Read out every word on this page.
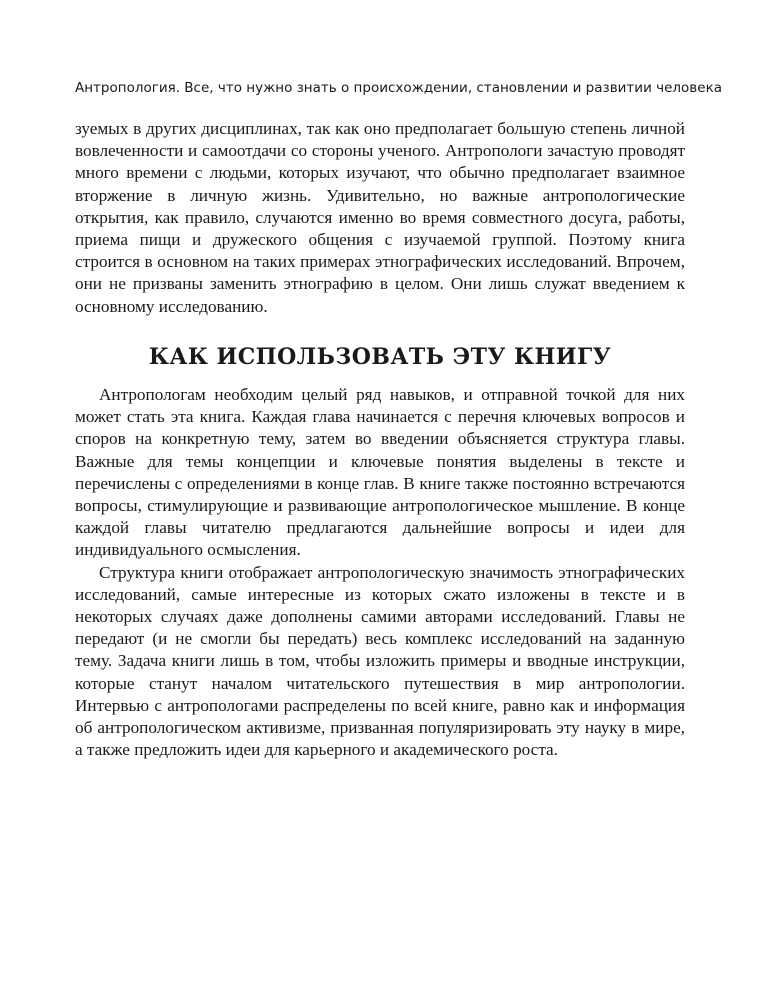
Антропология. Все, что нужно знать о происхождении, становлении и развитии человека

зуемых в других дисциплинах, так как оно предполагает большую степень личной вовлеченности и самоотдачи со стороны ученого. Антропологи зачастую проводят много времени с людьми, которых изучают, что обычно предполагает взаимное вторжение в личную жизнь. Удивительно, но важные антропологические открытия, как правило, случаются именно во время совместного досуга, работы, приема пищи и дружеского общения с изучаемой группой. Поэтому книга строится в основном на таких примерах этнографических исследований. Впрочем, они не призваны заменить этнографию в целом. Они лишь служат введением к основному исследованию.

КАК ИСПОЛЬЗОВАТЬ ЭТУ КНИГУ

Антропологам необходим целый ряд навыков, и отправной точкой для них может стать эта книга. Каждая глава начинается с перечня ключевых вопросов и споров на конкретную тему, затем во введении объясняется структура главы. Важные для темы концепции и ключевые понятия выделены в тексте и перечислены с определениями в конце глав. В книге также постоянно встречаются вопросы, стимулирующие и развивающие антропологическое мышление. В конце каждой главы читателю предлагаются дальнейшие вопросы и идеи для индивидуального осмысления.

Структура книги отображает антропологическую значимость этнографических исследований, самые интересные из которых сжато изложены в тексте и в некоторых случаях даже дополнены самими авторами исследований. Главы не передают (и не смогли бы передать) весь комплекс исследований на заданную тему. Задача книги лишь в том, чтобы изложить примеры и вводные инструкции, которые станут началом читательского путешествия в мир антропологии. Интервью с антропологами распределены по всей книге, равно как и информация об антропологическом активизме, призванная популяризировать эту науку в мире, а также предложить идеи для карьерного и академического роста.
